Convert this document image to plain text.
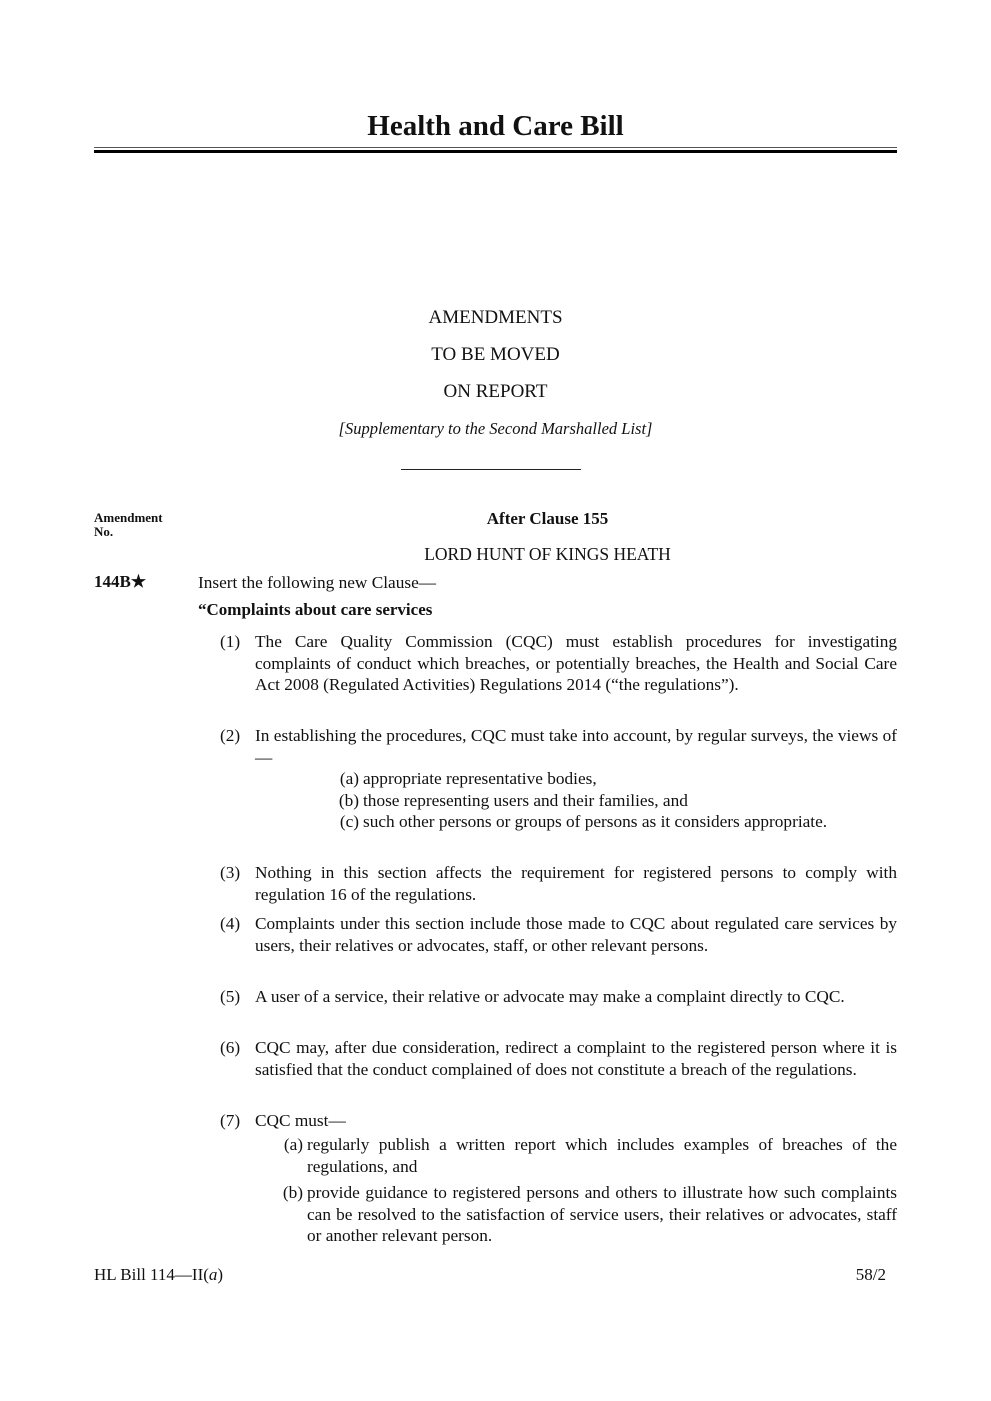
Health and Care Bill
AMENDMENTS
TO BE MOVED
ON REPORT
[Supplementary to the Second Marshalled List]
Amendment No.
After Clause 155
LORD HUNT OF KINGS HEATH
144B★	Insert the following new Clause—
“Complaints about care services
(1) The Care Quality Commission (CQC) must establish procedures for investigating complaints of conduct which breaches, or potentially breaches, the Health and Social Care Act 2008 (Regulated Activities) Regulations 2014 (“the regulations”).
(2) In establishing the procedures, CQC must take into account, by regular surveys, the views of—
(a) appropriate representative bodies,
(b) those representing users and their families, and
(c) such other persons or groups of persons as it considers appropriate.
(3) Nothing in this section affects the requirement for registered persons to comply with regulation 16 of the regulations.
(4) Complaints under this section include those made to CQC about regulated care services by users, their relatives or advocates, staff, or other relevant persons.
(5) A user of a service, their relative or advocate may make a complaint directly to CQC.
(6) CQC may, after due consideration, redirect a complaint to the registered person where it is satisfied that the conduct complained of does not constitute a breach of the regulations.
(7) CQC must—
(a) regularly publish a written report which includes examples of breaches of the regulations, and
(b) provide guidance to registered persons and others to illustrate how such complaints can be resolved to the satisfaction of service users, their relatives or advocates, staff or another relevant person.
HL Bill 114—II(a)	58/2
